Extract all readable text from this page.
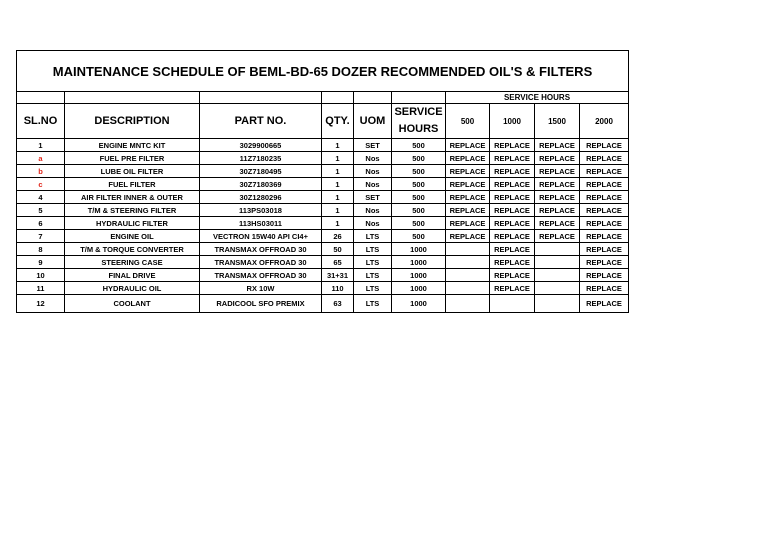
MAINTENANCE SCHEDULE OF BEML-BD-65 DOZER RECOMMENDED OIL'S & FILTERS									
						SERVICE HOURS			
SL.NO	DESCRIPTION	PART NO.	QTY.	UOM	SERVICE
HOURS	500	1000	1500	2000
1	ENGINE MNTC KIT	3029900665	1	SET	500	REPLACE	REPLACE	REPLACE	REPLACE
a	FUEL PRE FILTER	11Z7180235	1	Nos	500	REPLACE	REPLACE	REPLACE	REPLACE
b	LUBE OIL FILTER	30Z7180495	1	Nos	500	REPLACE	REPLACE	REPLACE	REPLACE
c	FUEL FILTER	30Z7180369	1	Nos	500	REPLACE	REPLACE	REPLACE	REPLACE
4	AIR FILTER INNER & OUTER	30Z1280296	1	SET	500	REPLACE	REPLACE	REPLACE	REPLACE
5	T/M & STEERING FILTER	113PS03018	1	Nos	500	REPLACE	REPLACE	REPLACE	REPLACE
6	HYDRAULIC FILTER	113HS03011	1	Nos	500	REPLACE	REPLACE	REPLACE	REPLACE
7	ENGINE OIL	VECTRON 15W40 API CI4+	26	LTS	500	REPLACE	REPLACE	REPLACE	REPLACE
8	T/M & TORQUE CONVERTER	TRANSMAX OFFROAD 30	50	LTS	1000		REPLACE		REPLACE
9	STEERING CASE	TRANSMAX OFFROAD 30	65	LTS	1000		REPLACE		REPLACE
10	FINAL DRIVE	TRANSMAX OFFROAD 30	31+31	LTS	1000		REPLACE		REPLACE
11	HYDRAULIC OIL	RX 10W	110	LTS	1000		REPLACE		REPLACE
12	COOLANT	RADICOOL SFO PREMIX	63	LTS	1000				REPLACE
